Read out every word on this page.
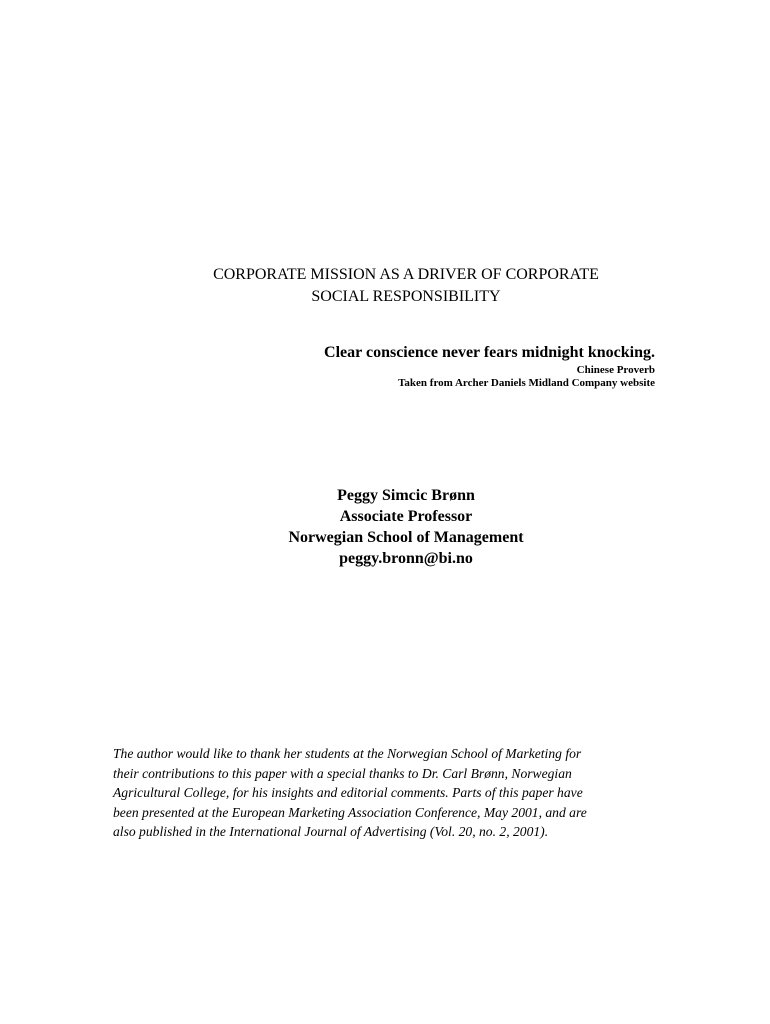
CORPORATE MISSION AS A DRIVER OF CORPORATE
SOCIAL RESPONSIBILITY
Clear conscience never fears midnight knocking.
Chinese Proverb
Taken from Archer Daniels Midland Company website
Peggy Simcic Brønn
Associate Professor
Norwegian School of Management
peggy.bronn@bi.no
The author would like to thank her students at the Norwegian School of Marketing for
their contributions to this paper with a special thanks to Dr. Carl Brønn, Norwegian
Agricultural College, for his insights and editorial comments. Parts of this paper have
been presented at the European Marketing Association Conference, May 2001, and are
also published in the International Journal of Advertising (Vol. 20, no. 2, 2001).
